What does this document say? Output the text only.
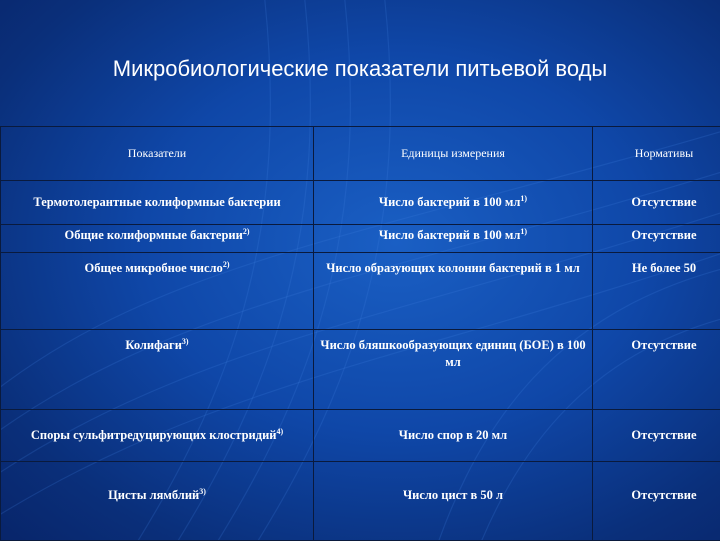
Микробиологические показатели питьевой воды
Показатели	Единицы измерения	Нормативы
Термотолерантные колиформные бактерии	Число бактерий в 100 $мл^{1)}$	Отсутствие
Общие колиформные бактерии$^{2)}$	Число бактерий в 100 $мл^{1)}$	Отсутствие
Общее микробное число$^{2)}$	Число образующих колонии бактерий в 1 мл	Не более 50
Колифаги$^{3)}$	Число бляшкообразующих единиц (БОЕ) в 100 мл	Отсутствие
Споры сульфитредуцирующих клостридий$^{4)}$	Число спор в 20 мл	Отсутствие
Цисты лямблий$^{3)}$	Число цист в 50 л	Отсутствие
